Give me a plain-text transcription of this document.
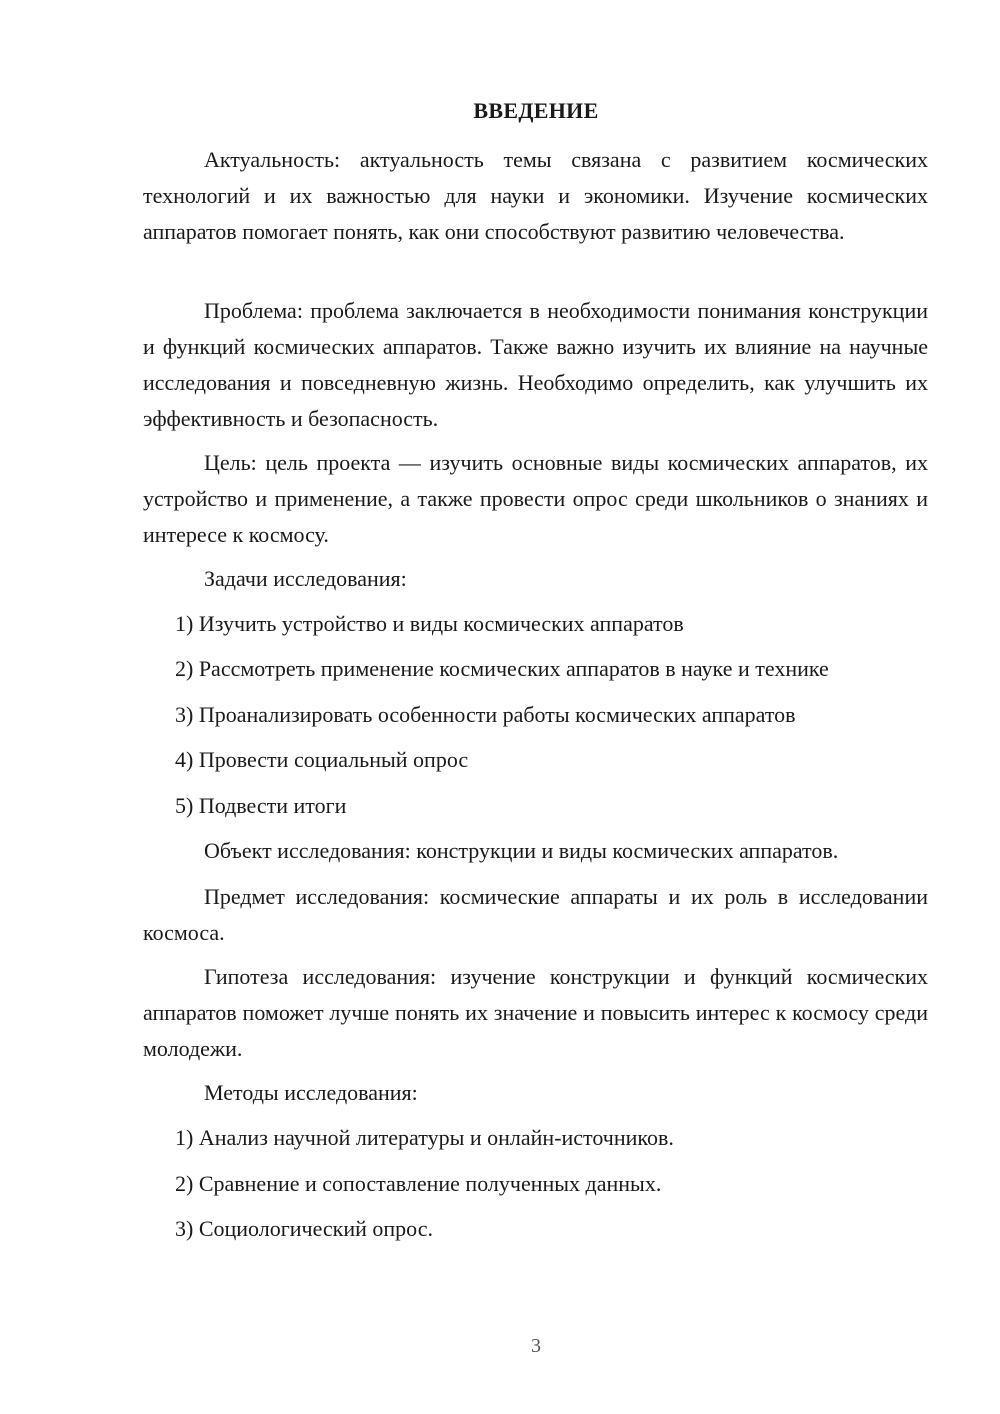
ВВЕДЕНИЕ

Актуальность: актуальность темы связана с развитием космических технологий и их важностью для науки и экономики. Изучение космических аппаратов помогает понять, как они способствуют развитию человечества.

Проблема: проблема заключается в необходимости понимания конструкции и функций космических аппаратов. Также важно изучить их влияние на научные исследования и повседневную жизнь. Необходимо определить, как улучшить их эффективность и безопасность.

Цель: цель проекта — изучить основные виды космических аппаратов, их устройство и применение, а также провести опрос среди школьников о знаниях и интересе к космосу.

Задачи исследования:

1) Изучить устройство и виды космических аппаратов

2) Рассмотреть применение космических аппаратов в науке и технике

3) Проанализировать особенности работы космических аппаратов

4) Провести социальный опрос

5) Подвести итоги

Объект исследования: конструкции и виды космических аппаратов.

Предмет исследования: космические аппараты и их роль в исследовании космоса.

Гипотеза исследования: изучение конструкции и функций космических аппаратов поможет лучше понять их значение и повысить интерес к космосу среди молодежи.

Методы исследования:

1) Анализ научной литературы и онлайн-источников.

2) Сравнение и сопоставление полученных данных.

3) Социологический опрос.

3
